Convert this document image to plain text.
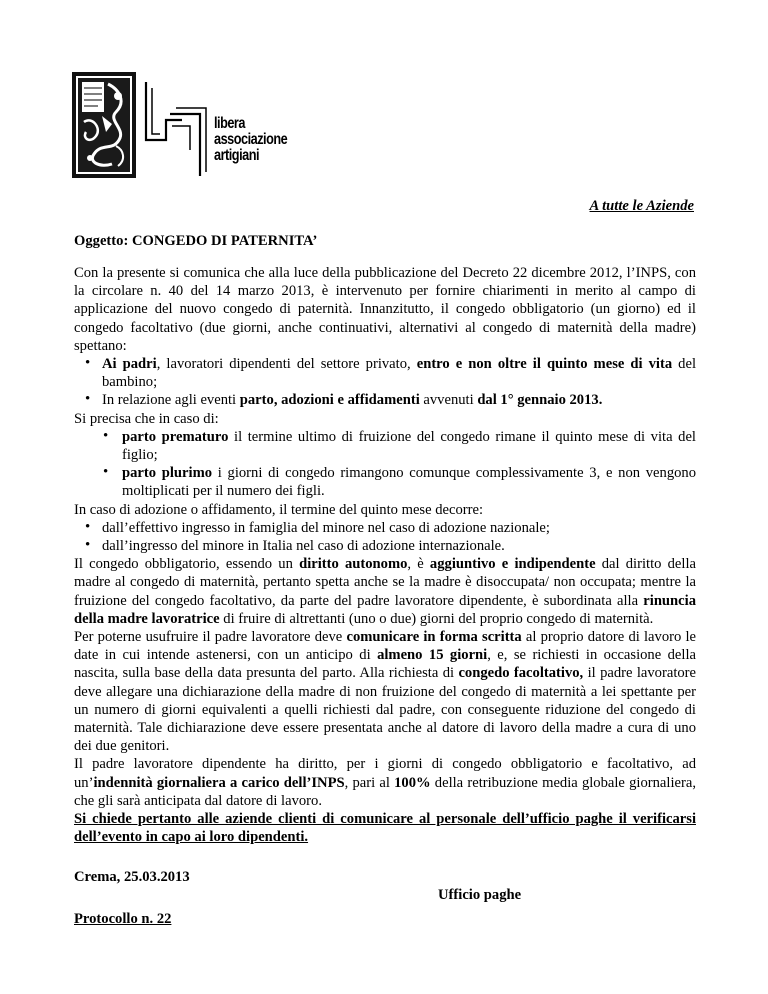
libera
associazione
artigiani
A tutte le Aziende
Oggetto: CONGEDO DI PATERNITA’

Con la presente si comunica che alla luce della pubblicazione del Decreto 22 dicembre 2012, l’INPS, con la circolare n. 40 del 14 marzo 2013, è intervenuto per fornire chiarimenti in merito al campo di applicazione del nuovo congedo di paternità. Innanzitutto, il congedo obbligatorio (un giorno) ed il congedo facoltativo (due giorni, anche continuativi, alternativi al congedo di maternità della madre) spettano:

• Ai padri, lavoratori dipendenti del settore privato, entro e non oltre il quinto mese di vita del bambino;
• In relazione agli eventi parto, adozioni e affidamenti avvenuti dal 1° gennaio 2013.

Si precisa che in caso di:

• parto prematuro il termine ultimo di fruizione del congedo rimane il quinto mese di vita del figlio;
• parto plurimo i giorni di congedo rimangono comunque complessivamente 3, e non vengono moltiplicati per il numero dei figli.

In caso di adozione o affidamento, il termine del quinto mese decorre:

• dall’effettivo ingresso in famiglia del minore nel caso di adozione nazionale;
• dall’ingresso del minore in Italia nel caso di adozione internazionale.

Il congedo obbligatorio, essendo un diritto autonomo, è aggiuntivo e indipendente dal diritto della madre al congedo di maternità, pertanto spetta anche se la madre è disoccupata/ non occupata; mentre la fruizione del congedo facoltativo, da parte del padre lavoratore dipendente, è subordinata alla rinuncia della madre lavoratrice di fruire di altrettanti (uno o due) giorni del proprio congedo di maternità.

Per poterne usufruire il padre lavoratore deve comunicare in forma scritta al proprio datore di lavoro le date in cui intende astenersi, con un anticipo di almeno 15 giorni, e, se richiesti in occasione della nascita, sulla base della data presunta del parto. Alla richiesta di congedo facoltativo, il padre lavoratore deve allegare una dichiarazione della madre di non fruizione del congedo di maternità a lei spettante per un numero di giorni equivalenti a quelli richiesti dal padre, con conseguente riduzione del congedo di maternità. Tale dichiarazione deve essere presentata anche al datore di lavoro della madre a cura di uno dei due genitori.

Il padre lavoratore dipendente ha diritto, per i giorni di congedo obbligatorio e facoltativo, ad un’indennità giornaliera a carico dell’INPS, pari al 100% della retribuzione media globale giornaliera, che gli sarà anticipata dal datore di lavoro.

Si chiede pertanto alle aziende clienti di comunicare al personale dell’ufficio paghe il verificarsi dell’evento in capo ai loro dipendenti.

Crema, 25.03.2013
Ufficio paghe
Protocollo n. 22
